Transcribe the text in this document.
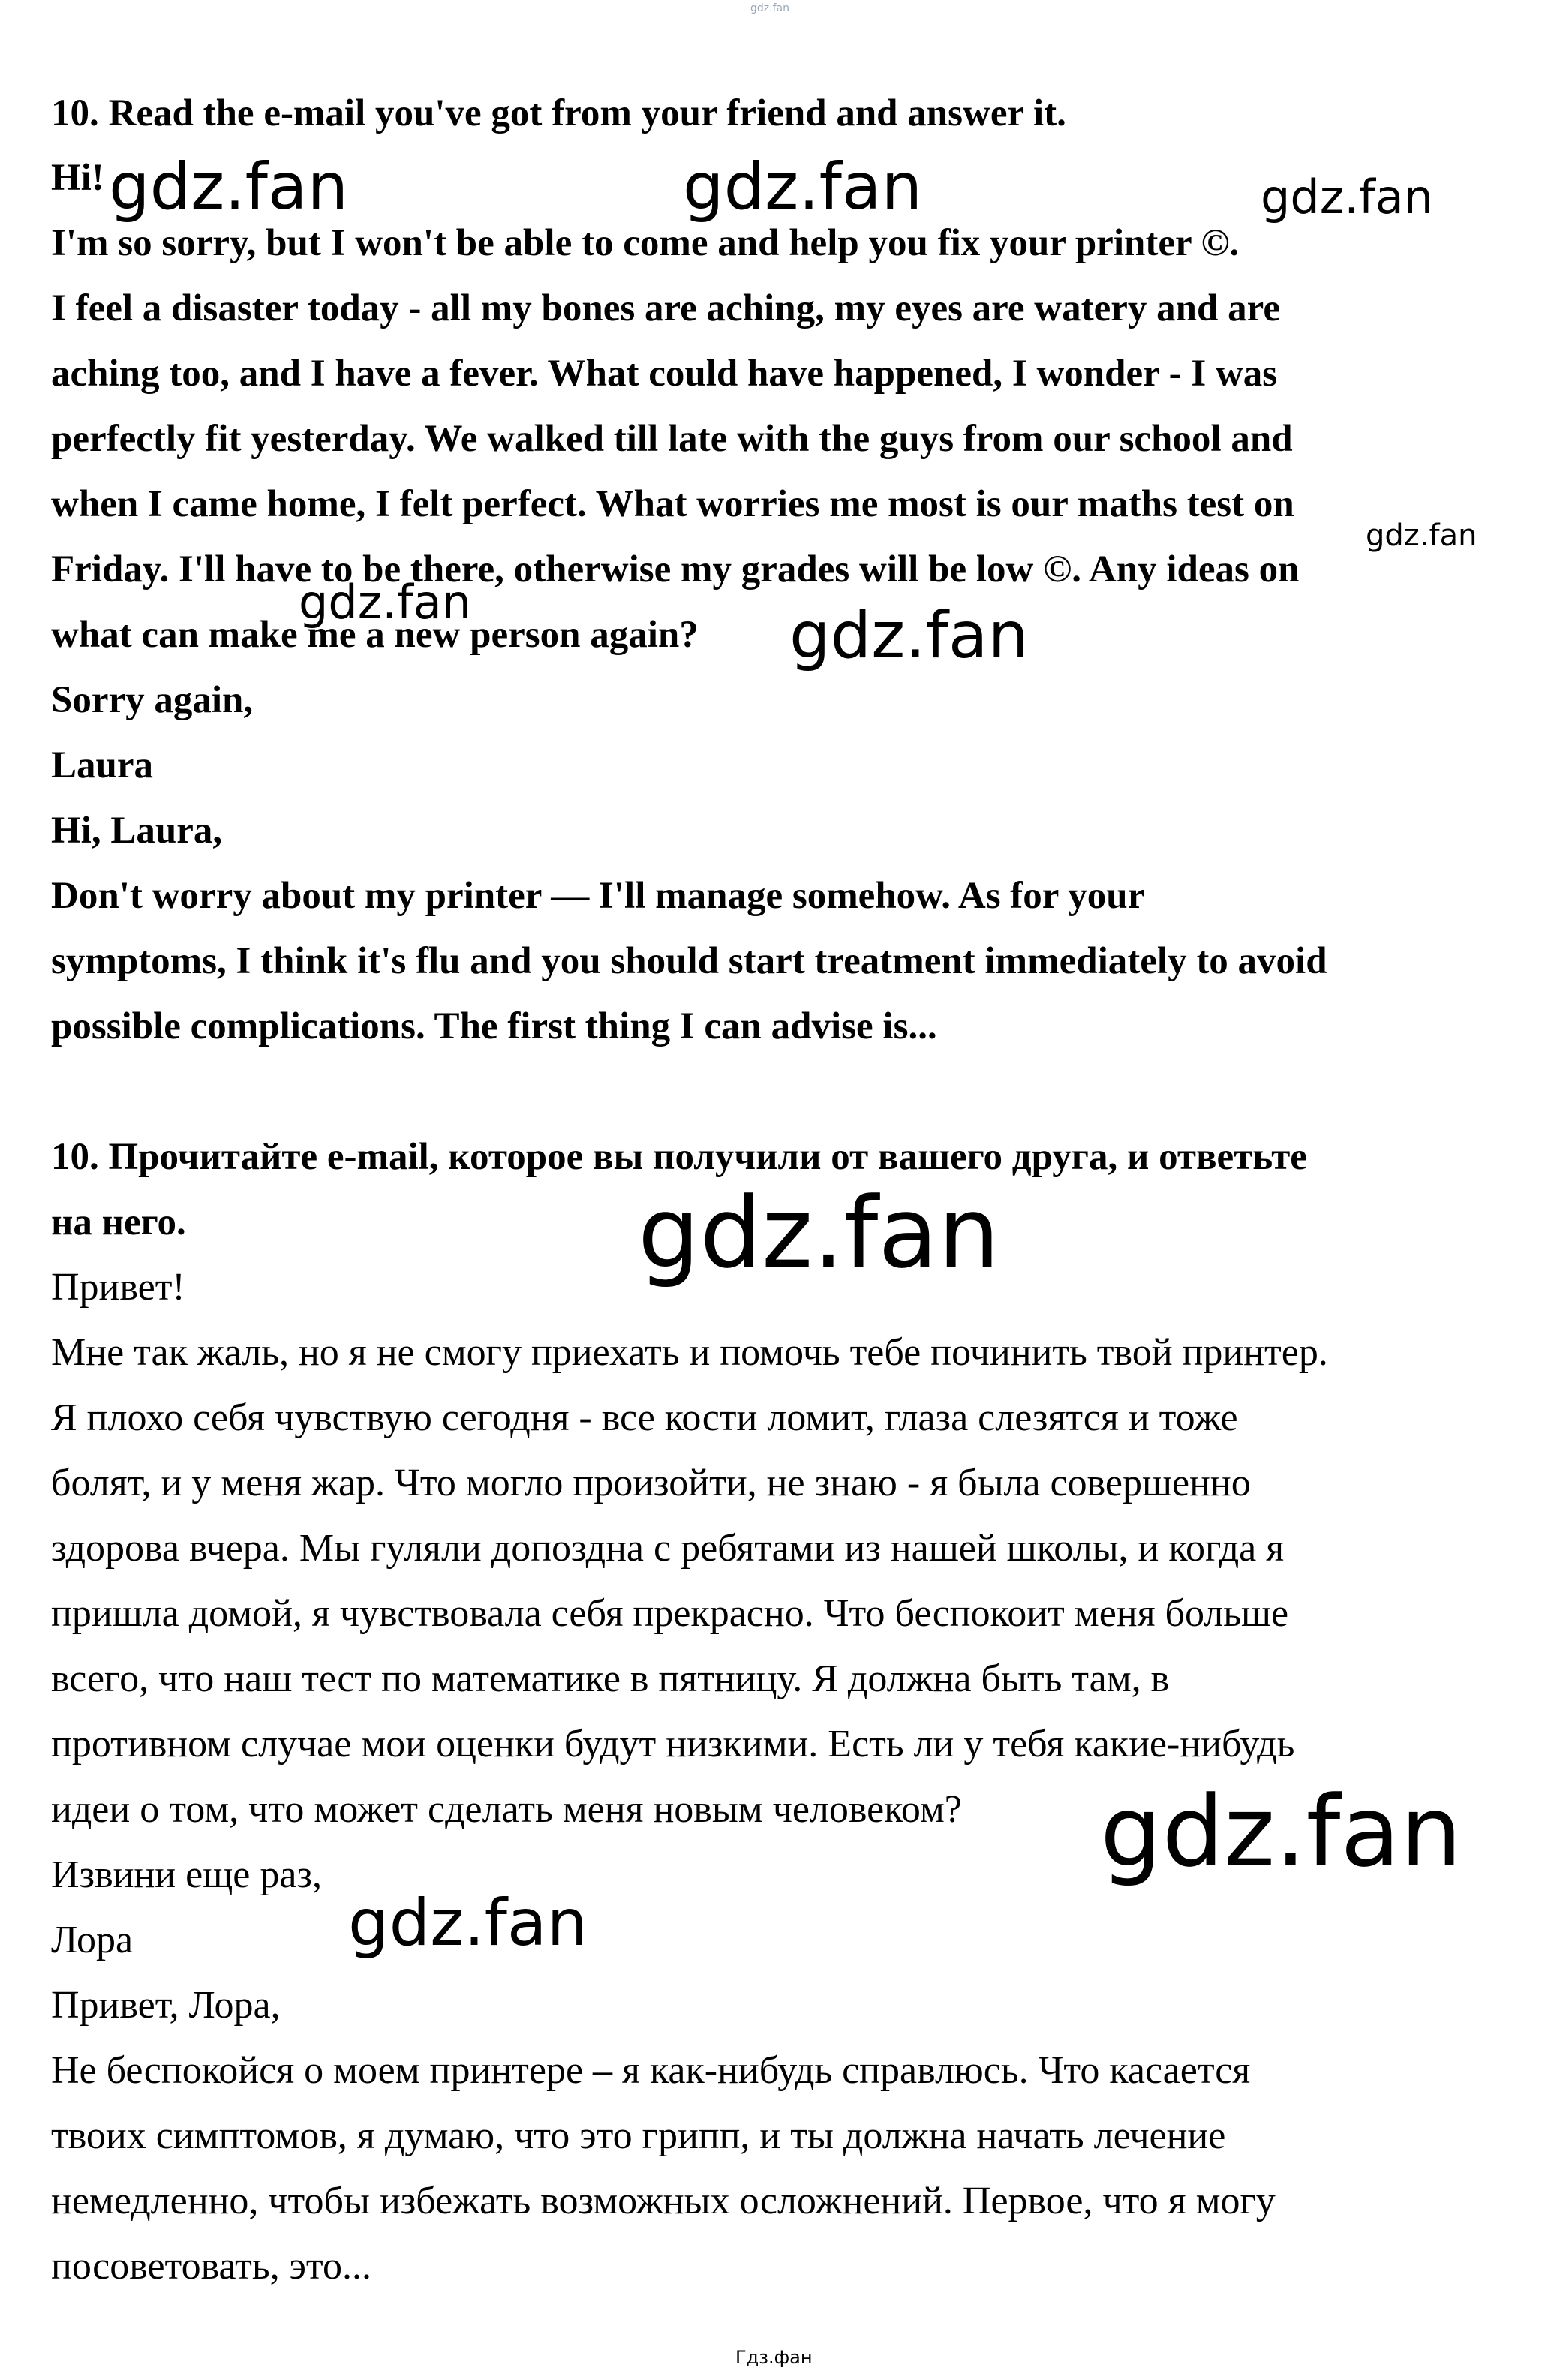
gdz.fan

10. Read the e-mail you've got from your friend and answer it.

Hi!

I'm so sorry, but I won't be able to come and help you fix your printer ©.

I feel a disaster today - all my bones are aching, my eyes are watery and are

aching too, and I have a fever. What could have happened, I wonder - I was

perfectly fit yesterday. We walked till late with the guys from our school and

when I came home, I felt perfect. What worries me most is our maths test on

Friday. I'll have to be there, otherwise my grades will be low ©. Any ideas on

what can make me a new person again?

Sorry again,

Laura

Hi, Laura,

Don't worry about my printer — I'll manage somehow. As for your

symptoms, I think it's flu and you should start treatment immediately to avoid

possible complications. The first thing I can advise is...

10. Прочитайте e-mail, которое вы получили от вашего друга, и ответьте

на него.

Привет!

Мне так жаль, но я не смогу приехать и помочь тебе починить твой принтер.

Я плохо себя чувствую сегодня - все кости ломит, глаза слезятся и тоже

болят, и у меня жар. Что могло произойти, не знаю - я была совершенно

здорова вчера. Мы гуляли допоздна с ребятами из нашей школы, и когда я

пришла домой, я чувствовала себя прекрасно. Что беспокоит меня больше

всего, что наш тест по математике в пятницу. Я должна быть там, в

противном случае мои оценки будут низкими. Есть ли у тебя какие-нибудь

идеи о том, что может сделать меня новым человеком?

Извини еще раз,

Лора

Привет, Лора,

Не беспокойся о моем принтере – я как-нибудь справлюсь. Что касается

твоих симптомов, я думаю, что это грипп, и ты должна начать лечение

немедленно, чтобы избежать возможных осложнений. Первое, что я могу

посоветовать, это...

gdz.fan	gdz.fan	gdz.fan
gdz.fan
gdz.fan	gdz.fan
gdz.fan
gdz.fan
gdz.fan
Гдз.фан
